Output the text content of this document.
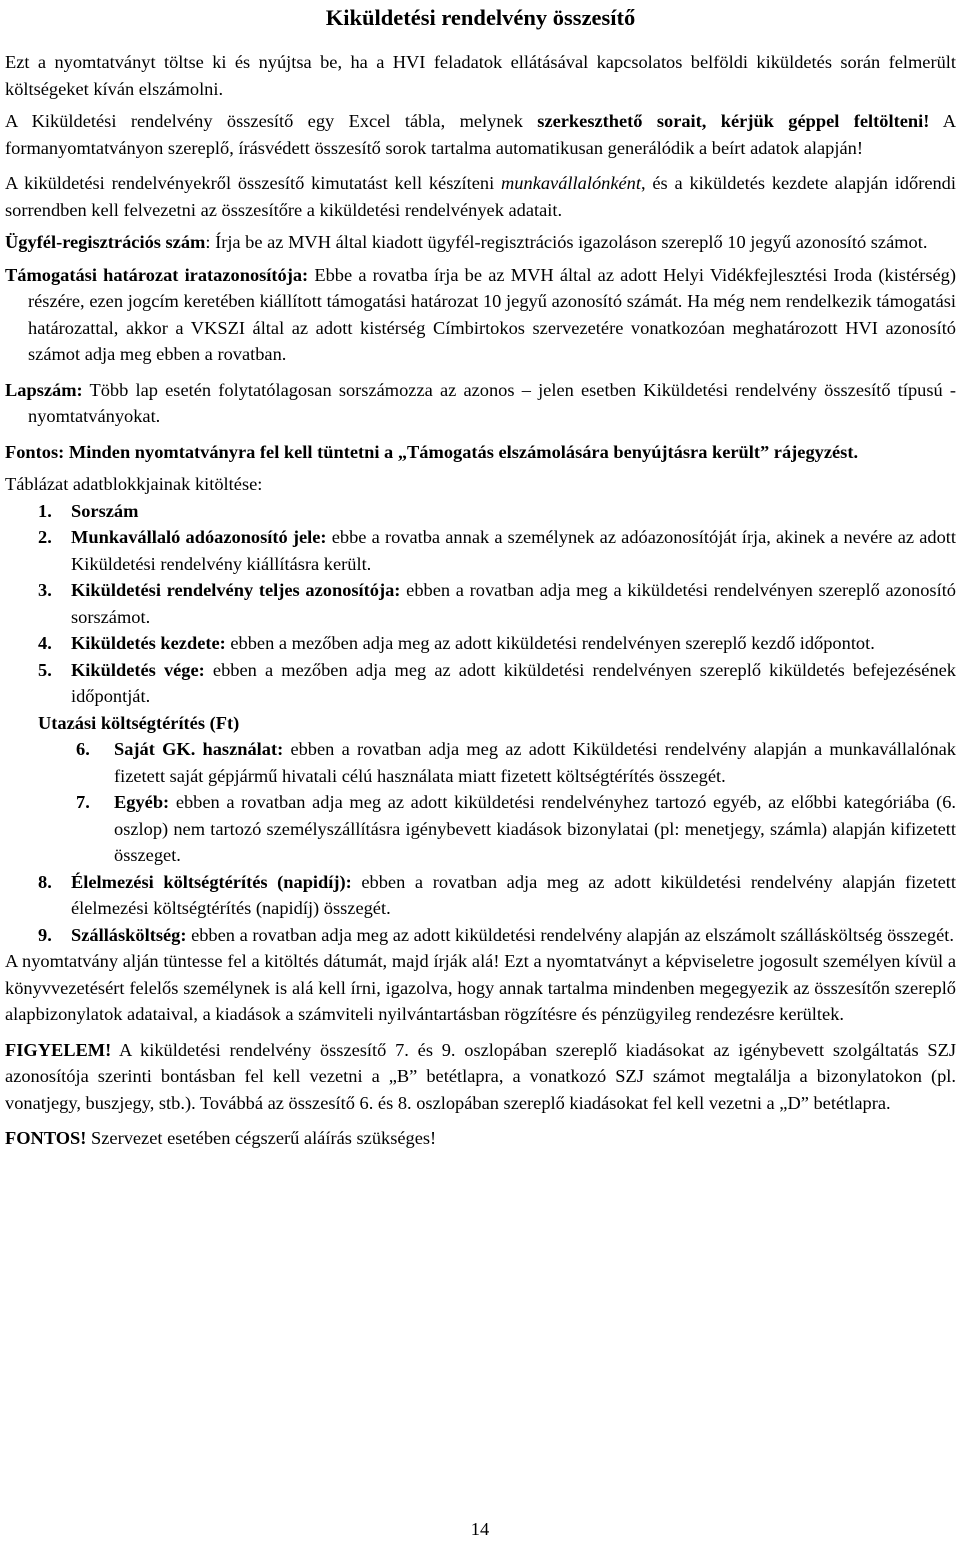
Kiküldetési rendelvény összesítő

Ezt a nyomtatványt töltse ki és nyújtsa be, ha a HVI feladatok ellátásával kapcsolatos belföldi kiküldetés során felmerült költségeket kíván elszámolni.

A Kiküldetési rendelvény összesítő egy Excel tábla, melynek szerkeszthető sorait, kérjük géppel feltölteni! A formanyomtatványon szereplő, írásvédett összesítő sorok tartalma automatikusan generálódik a beírt adatok alapján!

A kiküldetési rendelvényekről összesítő kimutatást kell készíteni munkavállalónként, és a kiküldetés kezdete alapján időrendi sorrendben kell felvezetni az összesítőre a kiküldetési rendelvények adatait.

Ügyfél-regisztrációs szám: Írja be az MVH által kiadott ügyfél-regisztrációs igazoláson szereplő 10 jegyű azonosító számot.

Támogatási határozat iratazonosítója: Ebbe a rovatba írja be az MVH által az adott Helyi Vidékfejlesztési Iroda (kistérség) részére, ezen jogcím keretében kiállított támogatási határozat 10 jegyű azonosító számát. Ha még nem rendelkezik támogatási határozattal, akkor a VKSZI által az adott kistérség Címbirtokos szervezetére vonatkozóan meghatározott HVI azonosító számot adja meg ebben a rovatban.

Lapszám: Több lap esetén folytatólagosan sorszámozza az azonos – jelen esetben Kiküldetési rendelvény összesítő típusú - nyomtatványokat.

Fontos: Minden nyomtatványra fel kell tüntetni a „Támogatás elszámolására benyújtásra került” rájegyzést.

Táblázat adatblokkjainak kitöltése:

1.	Sorszám
2.	Munkavállaló adóazonosító jele: ebbe a rovatba annak a személynek az adóazonosítóját írja, akinek a nevére az adott Kiküldetési rendelvény kiállításra került.
3.	Kiküldetési rendelvény teljes azonosítója: ebben a rovatban adja meg a kiküldetési rendelvényen szereplő azonosító sorszámot.
4.	Kiküldetés kezdete: ebben a mezőben adja meg az adott kiküldetési rendelvényen szereplő kezdő időpontot.
5.	Kiküldetés vége: ebben a mezőben adja meg az adott kiküldetési rendelvényen szereplő kiküldetés befejezésének időpontját.
Utazási költségtérítés (Ft)
6.	Saját GK. használat: ebben a rovatban adja meg az adott Kiküldetési rendelvény alapján a munkavállalónak fizetett saját gépjármű hivatali célú használata miatt fizetett költségtérítés összegét.
7.	Egyéb: ebben a rovatban adja meg az adott kiküldetési rendelvényhez tartozó egyéb, az előbbi kategóriába (6. oszlop) nem tartozó személyszállításra igénybevett kiadások bizonylatai (pl: menetjegy, számla) alapján kifizetett összeget.
8.	Élelmezési költségtérítés (napidíj): ebben a rovatban adja meg az adott kiküldetési rendelvény alapján fizetett élelmezési költségtérítés (napidíj) összegét.
9.	Szállásköltség: ebben a rovatban adja meg az adott kiküldetési rendelvény alapján az elszámolt szállásköltség összegét.

A nyomtatvány alján tüntesse fel a kitöltés dátumát, majd írják alá! Ezt a nyomtatványt a képviseletre jogosult személyen kívül a könyvvezetésért felelős személynek is alá kell írni, igazolva, hogy annak tartalma mindenben megegyezik az összesítőn szereplő alapbizonylatok adataival, a kiadások a számviteli nyilvántartásban rögzítésre és pénzügyileg rendezésre kerültek.

FIGYELEM! A kiküldetési rendelvény összesítő 7. és 9. oszlopában szereplő kiadásokat az igénybevett szolgáltatás SZJ azonosítója szerinti bontásban fel kell vezetni a „B” betétlapra, a vonatkozó SZJ számot megtalálja a bizonylatokon (pl. vonatjegy, buszjegy, stb.). Továbbá az összesítő 6. és 8. oszlopában szereplő kiadásokat fel kell vezetni a „D” betétlapra.

FONTOS! Szervezet esetében cégszerű aláírás szükséges!

14
